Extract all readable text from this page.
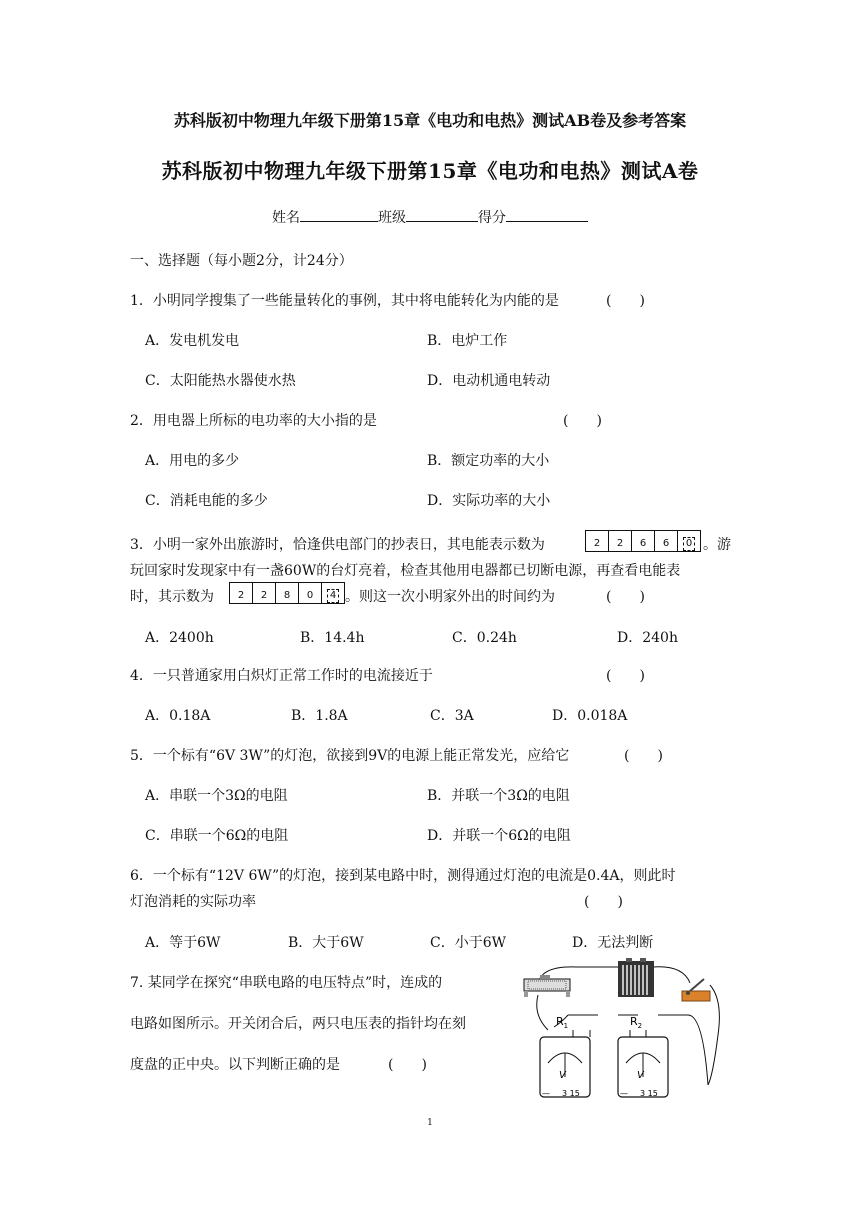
苏科版初中物理九年级下册第15章《电功和电热》测试AB卷及参考答案
苏科版初中物理九年级下册第15章《电功和电热》测试A卷
姓名	班级	得分
一、选择题（每小题2分，计24分）
1．小明同学搜集了一些能量转化的事例，其中将电能转化为内能的是	(　　)
A．发电机发电	B．电炉工作
C．太阳能热水器使水热	D．电动机通电转动
2．用电器上所标的电功率的大小指的是	(　　)
A．用电的多少	B．额定功率的大小
C．消耗电能的多少	D．实际功率的大小
3．小明一家外出旅游时，恰逢供电部门的抄表日，其电能表示数为	2	2	6	6	0 。游
玩回家时发现家中有一盏60W的台灯亮着，检查其他用电器都已切断电源，再查看电能表
时，其示数为	2	2	8	0	4 。则这一次小明家外出的时间约为	(　　)
A．2400h	B．14.4h	C．0.24h	D．240h
4．一只普通家用白炽灯正常工作时的电流接近于	(　　)
A．0.18A	B．1.8A	C．3A	D．0.018A
5．一个标有“6V 3W”的灯泡，欲接到9V的电源上能正常发光，应给它	(　　)
A．串联一个3Ω的电阻	B．并联一个3Ω的电阻
C．串联一个6Ω的电阻	D．并联一个6Ω的电阻
6．一个标有“12V 6W”的灯泡，接到某电路中时，测得通过灯泡的电流是0.4A，则此时
灯泡消耗的实际功率	(　　)
A．等于6W	B．大于6W	C．小于6W	D．无法判断
7. 某同学在探究“串联电路的电压特点”时，连成的
电路如图所示。开关闭合后，两只电压表的指针均在刻
度盘的正中央。以下判断正确的是	(　　)
$R_1$	$R_2$
V
— 3 15
V
— 3 15
1
